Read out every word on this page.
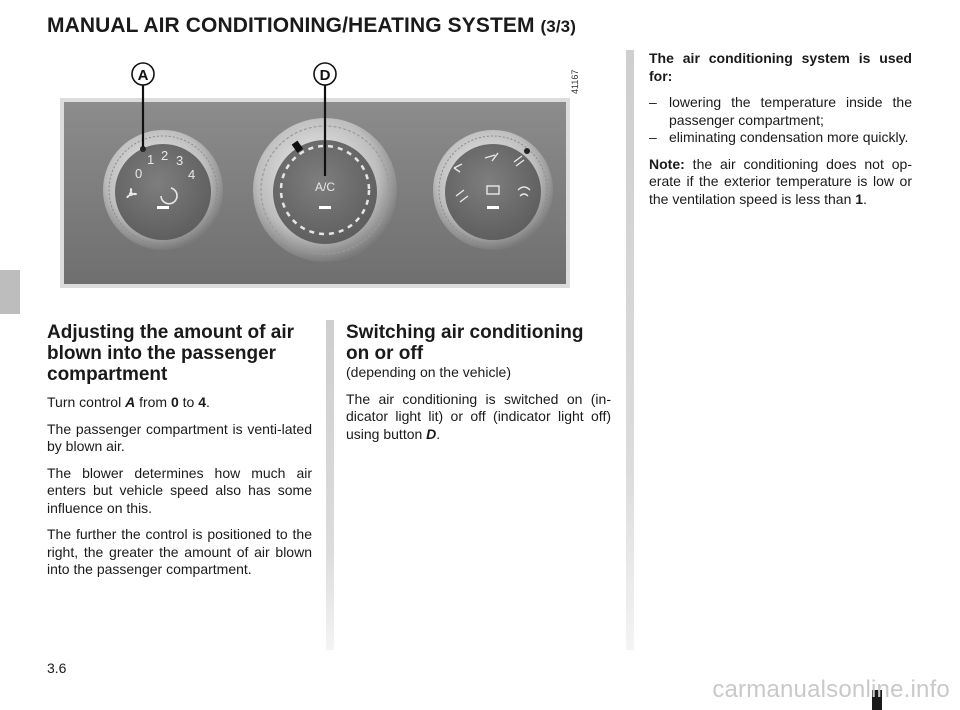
MANUAL AIR CONDITIONING/HEATING SYSTEM (3/3)
0
1 2 3
4
A/C
A	D	41167
Adjusting the amount of air blown into the passenger compartment

Turn control A from 0 to 4.

The passenger compartment is venti-lated by blown air.

The blower determines how much air enters but vehicle speed also has some influence on this.

The further the control is positioned to the right, the greater the amount of air blown into the passenger compartment.

Switching air conditioning on or off
(depending on the vehicle)

The air conditioning is switched on (in-dicator light lit) or off (indicator light off) using button D.

The air conditioning system is used for:

– lowering the temperature inside the passenger compartment;
– eliminating condensation more quickly.

Note: the air conditioning does not op-erate if the exterior temperature is low or the ventilation speed is less than 1.

3.6
carmanualsonline.info
